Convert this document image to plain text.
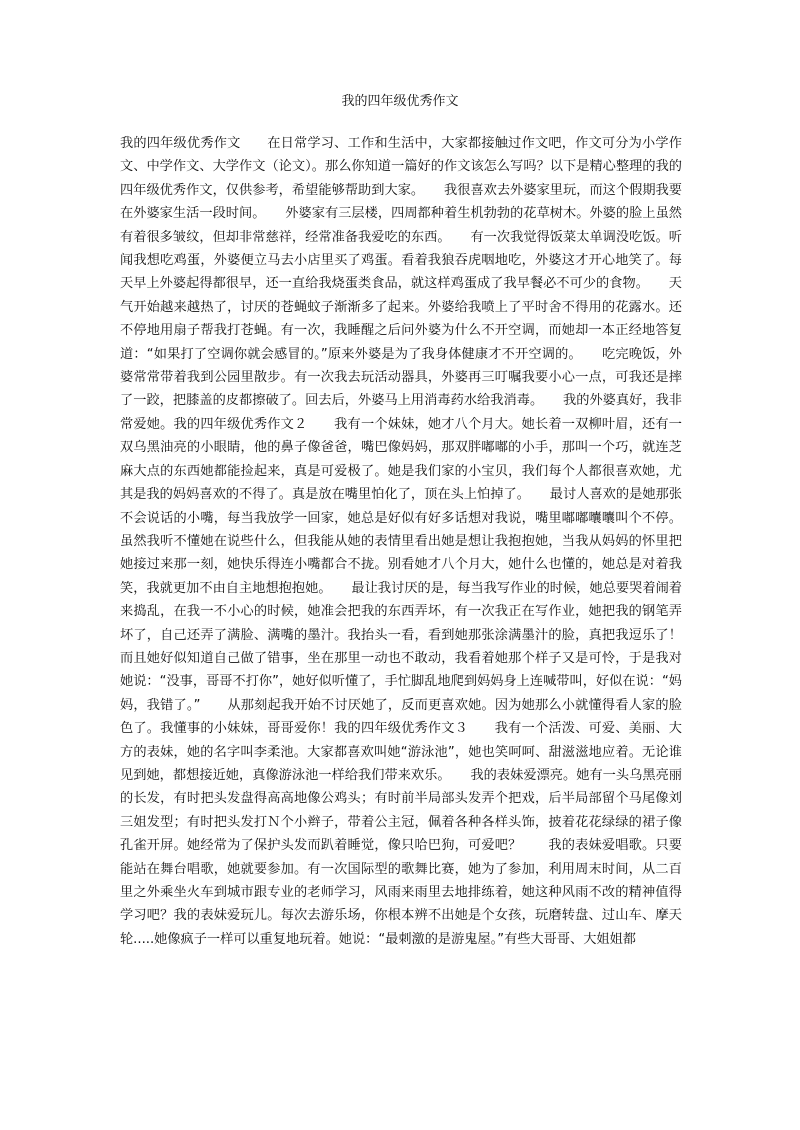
我的四年级优秀作文

我的四年级优秀作文　　在日常学习、工作和生活中，大家都接触过作文吧，作文可分为小学作文、中学作文、大学作文（论文）。那么你知道一篇好的作文该怎么写吗？以下是精心整理的我的四年级优秀作文，仅供参考，希望能够帮助到大家。　　我很喜欢去外婆家里玩，而这个假期我要在外婆家生活一段时间。　　外婆家有三层楼，四周都种着生机勃勃的花草树木。外婆的脸上虽然有着很多皱纹，但却非常慈祥，经常准备我爱吃的东西。　　有一次我觉得饭菜太单调没吃饭。听闻我想吃鸡蛋，外婆便立马去小店里买了鸡蛋。看着我狼吞虎咽地吃，外婆这才开心地笑了。每天早上外婆起得都很早，还一直给我烧蛋类食品，就这样鸡蛋成了我早餐必不可少的食物。　　天气开始越来越热了，讨厌的苍蝇蚊子渐渐多了起来。外婆给我喷上了平时舍不得用的花露水。还不停地用扇子帮我打苍蝇。有一次，我睡醒之后问外婆为什么不开空调，而她却一本正经地答复道：“如果打了空调你就会感冒的。”原来外婆是为了我身体健康才不开空调的。　　吃完晚饭，外婆常常带着我到公园里散步。有一次我去玩活动器具，外婆再三叮嘱我要小心一点，可我还是摔了一跤，把膝盖的皮都擦破了。回去后，外婆马上用消毒药水给我消毒。　　我的外婆真好，我非常爱她。我的四年级优秀作文２　　我有一个妹妹，她才八个月大。她长着一双柳叶眉，还有一双乌黑油亮的小眼睛，他的鼻子像爸爸，嘴巴像妈妈，那双胖嘟嘟的小手，那叫一个巧，就连芝麻大点的东西她都能捡起来，真是可爱极了。她是我们家的小宝贝，我们每个人都很喜欢她，尤其是我的妈妈喜欢的不得了。真是放在嘴里怕化了，顶在头上怕掉了。　　最讨人喜欢的是她那张不会说话的小嘴，每当我放学一回家，她总是好似有好多话想对我说，嘴里嘟嘟囔囔叫个不停。虽然我听不懂她在说些什么，但我能从她的表情里看出她是想让我抱抱她，当我从妈妈的怀里把她接过来那一刻，她快乐得连小嘴都合不拢。别看她才八个月大，她什么也懂的，她总是对着我笑，我就更加不由自主地想抱抱她。　　最让我讨厌的是，每当我写作业的时候，她总要哭着闹着来捣乱，在我一不小心的时候，她准会把我的东西弄坏，有一次我正在写作业，她把我的钢笔弄坏了，自己还弄了满脸、满嘴的墨汁。我抬头一看，看到她那张涂满墨汁的脸，真把我逗乐了！而且她好似知道自己做了错事，坐在那里一动也不敢动，我看着她那个样子又是可怜，于是我对她说：“没事，哥哥不打你”，她好似听懂了，手忙脚乱地爬到妈妈身上连喊带叫，好似在说：“妈妈，我错了。”　　从那刻起我开始不讨厌她了，反而更喜欢她。因为她那么小就懂得看人家的脸色了。我懂事的小妹妹，哥哥爱你！我的四年级优秀作文３　　我有一个活泼、可爱、美丽、大方的表妹，她的名字叫李柔池。大家都喜欢叫她“游泳池”，她也笑呵呵、甜滋滋地应着。无论谁见到她，都想接近她，真像游泳池一样给我们带来欢乐。　　我的表妹爱漂亮。她有一头乌黑亮丽的长发，有时把头发盘得高高地像公鸡头；有时前半局部头发弄个把戏，后半局部留个马尾像刘三姐发型；有时把头发打Ｎ个小辫子，带着公主冠，佩着各种各样头饰，披着花花绿绿的裙子像孔雀开屏。她经常为了保护头发而趴着睡觉，像只哈巴狗，可爱吧？　　我的表妹爱唱歌。只要能站在舞台唱歌，她就要参加。有一次国际型的歌舞比赛，她为了参加，利用周末时间，从二百里之外乘坐火车到城市跟专业的老师学习，风雨来雨里去地排练着，她这种风雨不改的精神值得学习吧？我的表妹爱玩儿。每次去游乐场，你根本辨不出她是个女孩，玩磨转盘、过山车、摩天轮.....她像疯子一样可以重复地玩着。她说：“最刺激的是游鬼屋。”有些大哥哥、大姐姐都
